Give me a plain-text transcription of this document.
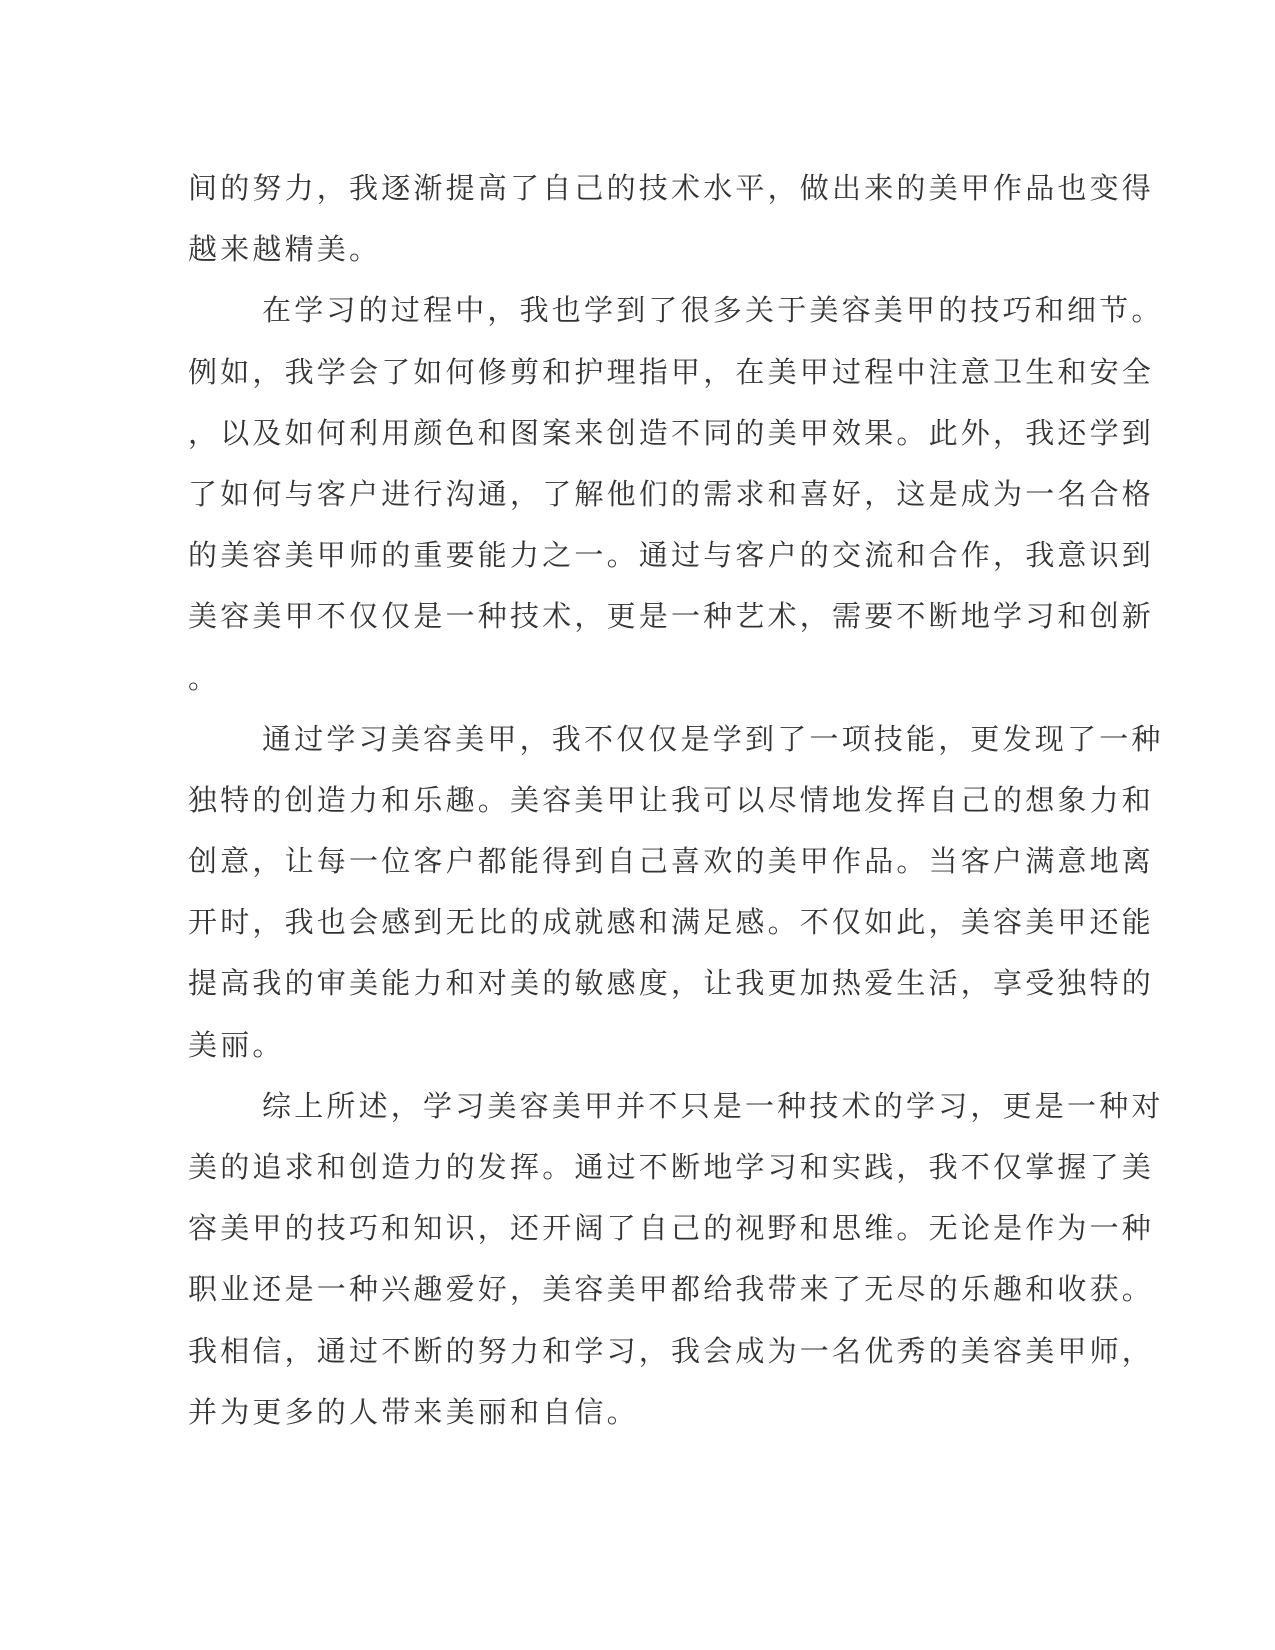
间的努力，我逐渐提高了自己的技术水平，做出来的美甲作品也变得
越来越精美。
在学习的过程中，我也学到了很多关于美容美甲的技巧和细节。
例如，我学会了如何修剪和护理指甲，在美甲过程中注意卫生和安全
，以及如何利用颜色和图案来创造不同的美甲效果。此外，我还学到
了如何与客户进行沟通，了解他们的需求和喜好，这是成为一名合格
的美容美甲师的重要能力之一。通过与客户的交流和合作，我意识到
美容美甲不仅仅是一种技术，更是一种艺术，需要不断地学习和创新
。
通过学习美容美甲，我不仅仅是学到了一项技能，更发现了一种
独特的创造力和乐趣。美容美甲让我可以尽情地发挥自己的想象力和
创意，让每一位客户都能得到自己喜欢的美甲作品。当客户满意地离
开时，我也会感到无比的成就感和满足感。不仅如此，美容美甲还能
提高我的审美能力和对美的敏感度，让我更加热爱生活，享受独特的
美丽。
综上所述，学习美容美甲并不只是一种技术的学习，更是一种对
美的追求和创造力的发挥。通过不断地学习和实践，我不仅掌握了美
容美甲的技巧和知识，还开阔了自己的视野和思维。无论是作为一种
职业还是一种兴趣爱好，美容美甲都给我带来了无尽的乐趣和收获。
我相信，通过不断的努力和学习，我会成为一名优秀的美容美甲师，
并为更多的人带来美丽和自信。
